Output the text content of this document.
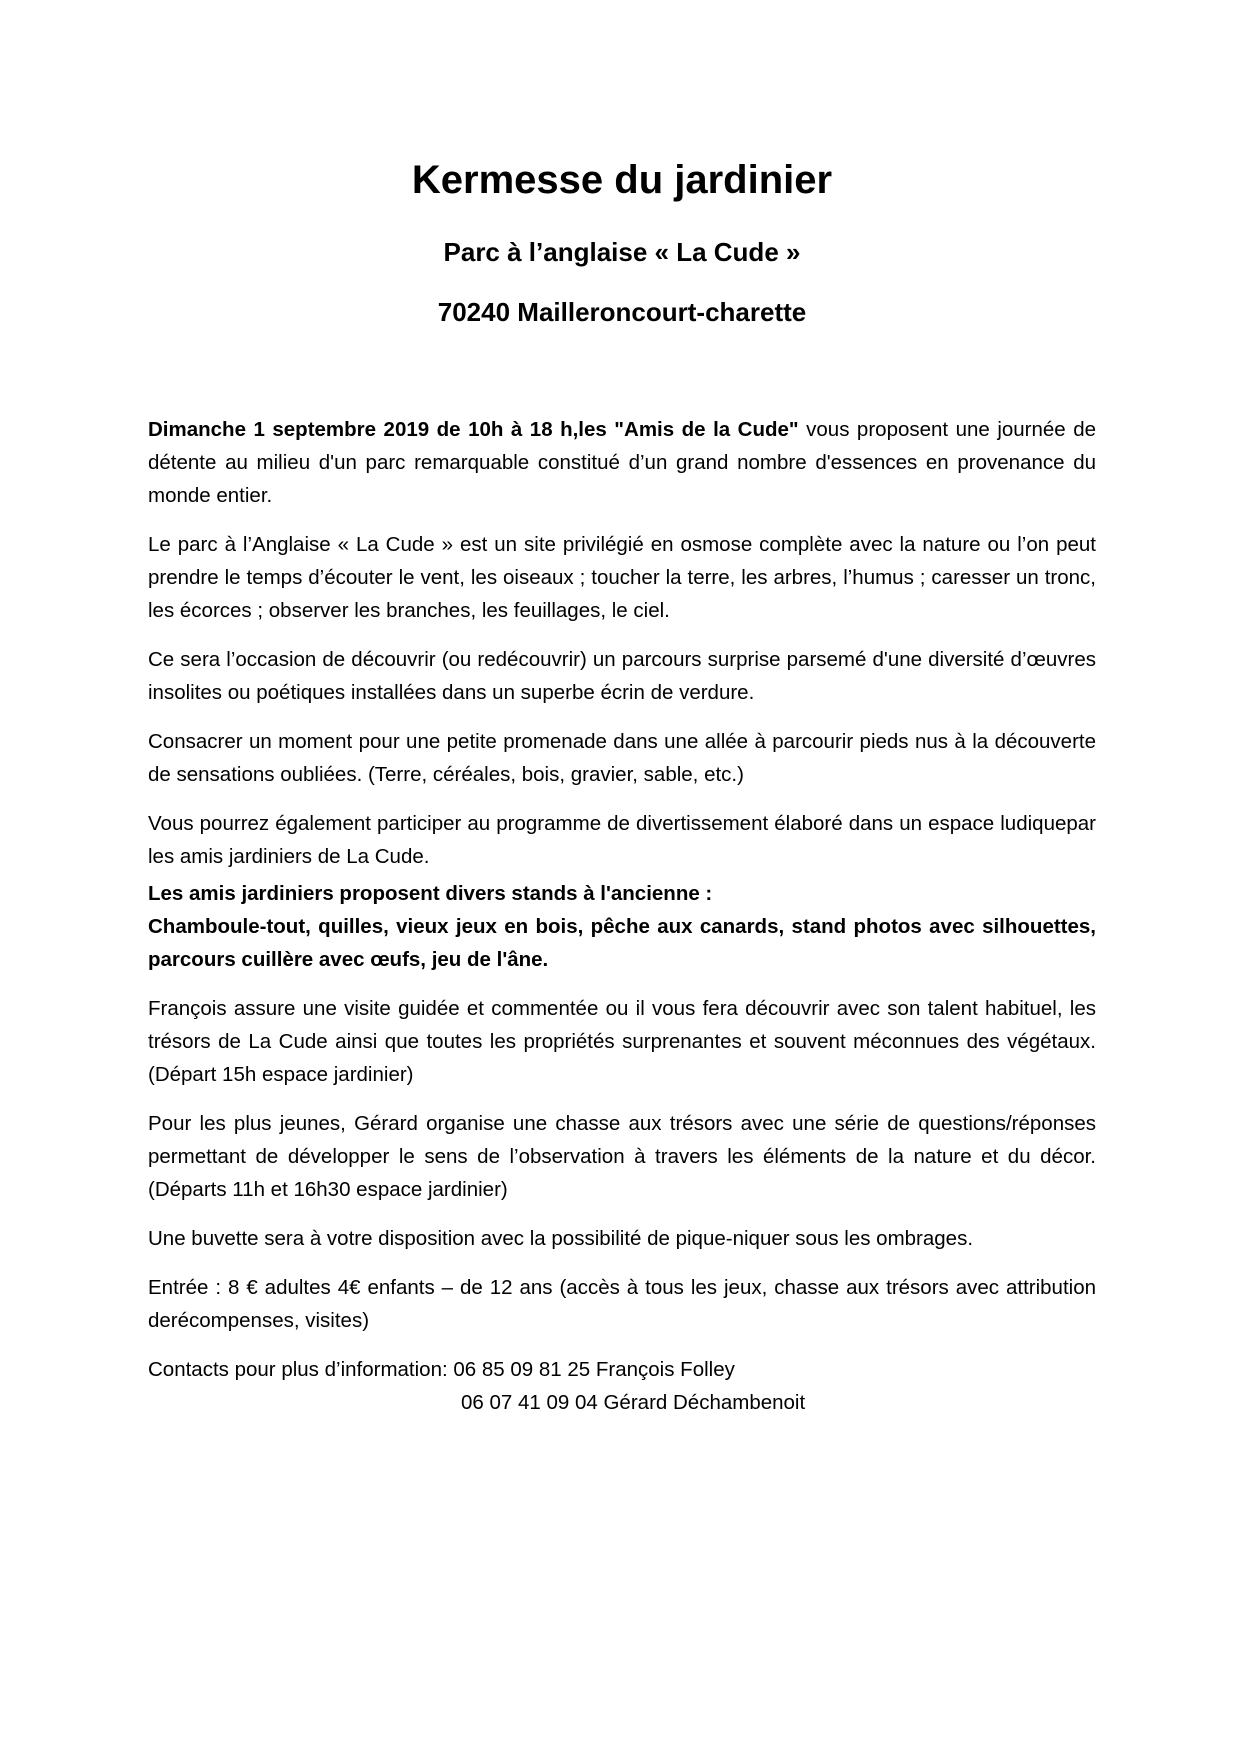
Kermesse du jardinier
Parc à l’anglaise « La Cude »
70240 Mailleroncourt-charette

Dimanche 1 septembre 2019 de 10h à 18 h,les "Amis de la Cude" vous proposent une journée de détente au milieu d'un parc remarquable constitué d’un grand nombre d'essences en provenance du monde entier.

Le parc à l’Anglaise « La Cude » est un site privilégié en osmose complète avec la nature ou l’on peut prendre le temps d’écouter le vent, les oiseaux ; toucher la terre, les arbres, l’humus ; caresser un tronc, les écorces ; observer les branches, les feuillages, le ciel.

Ce sera l’occasion de découvrir (ou redécouvrir) un parcours surprise parsemé d'une diversité d’œuvres insolites ou poétiques installées dans un superbe écrin de verdure.

Consacrer un moment pour une petite promenade dans une allée à parcourir pieds nus à la découverte de sensations oubliées. (Terre, céréales, bois, gravier, sable, etc.)

Vous pourrez également participer au programme de divertissement élaboré dans un espace ludiquepar les amis jardiniers de La Cude.

Les amis jardiniers proposent divers stands à l'ancienne :
Chamboule-tout, quilles, vieux jeux en bois, pêche aux canards, stand photos avec silhouettes, parcours cuillère avec œufs, jeu de l'âne.

François assure une visite guidée et commentée ou il vous fera découvrir avec son talent habituel, les trésors de La Cude ainsi que toutes les propriétés surprenantes et souvent méconnues des végétaux. (Départ 15h espace jardinier)

Pour les plus jeunes, Gérard organise une chasse aux trésors avec une série de questions/réponses permettant de développer le sens de l’observation à travers les éléments de la nature et du décor. (Départs 11h et 16h30 espace jardinier)

Une buvette sera à votre disposition avec la possibilité de pique-niquer sous les ombrages.

Entrée : 8 € adultes 4€ enfants – de 12 ans (accès à tous les jeux, chasse aux trésors avec attribution derécompenses, visites)

Contacts pour plus d’information: 06 85 09 81 25 François Folley
06 07 41 09 04 Gérard Déchambenoit
